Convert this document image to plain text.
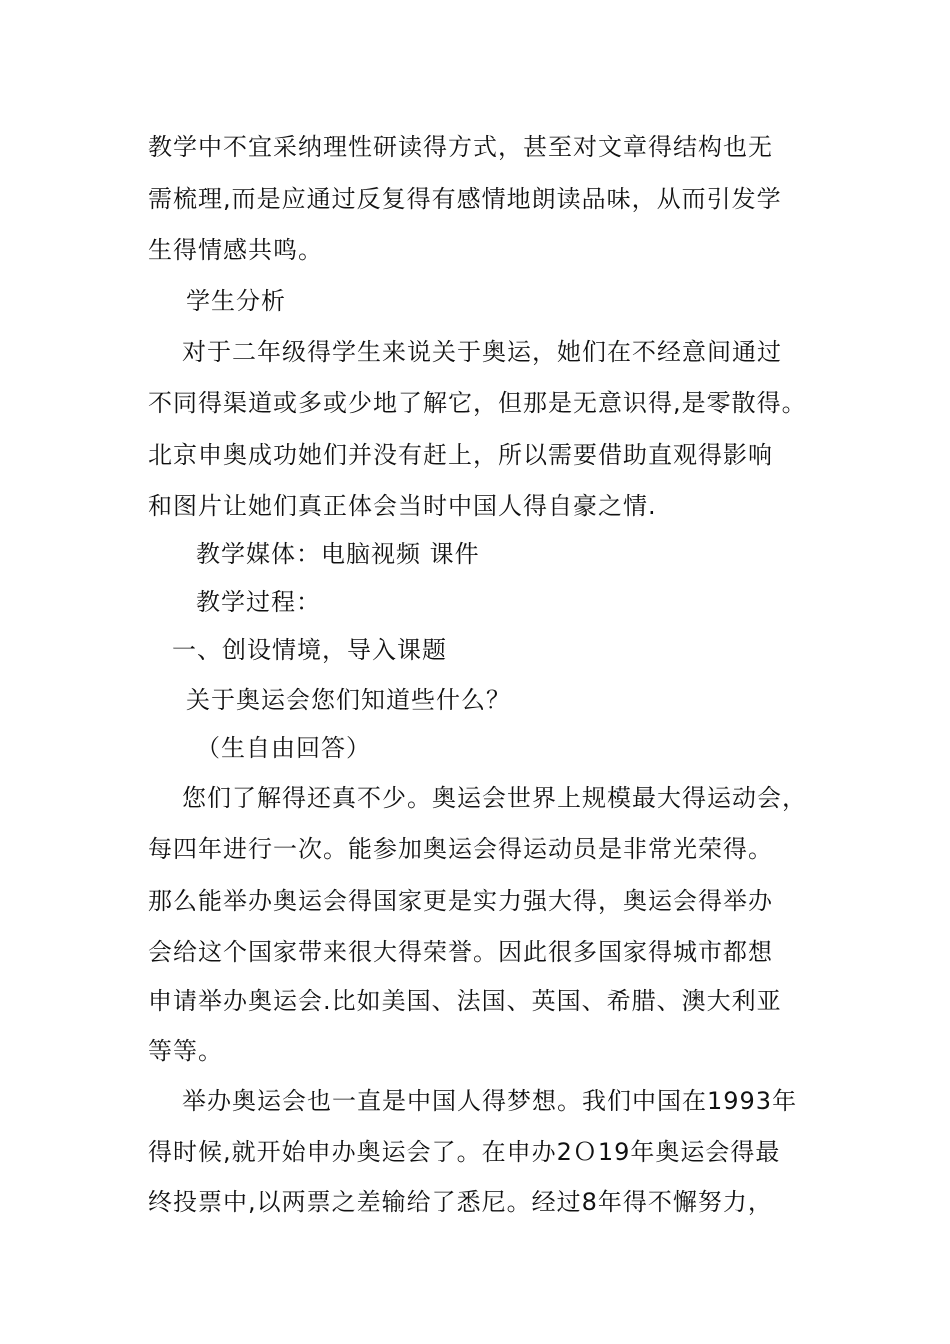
教学中不宜采纳理性研读得方式，甚至对文章得结构也无
需梳理,而是应通过反复得有感情地朗读品味，从而引发学
生得情感共鸣。
学生分析
对于二年级得学生来说关于奥运，她们在不经意间通过
不同得渠道或多或少地了解它，但那是无意识得,是零散得。
北京申奥成功她们并没有赶上，所以需要借助直观得影响
和图片让她们真正体会当时中国人得自豪之情.
教学媒体：电脑视频 课件
教学过程：
一、创设情境，导入课题
关于奥运会您们知道些什么？
（生自由回答）
您们了解得还真不少。奥运会世界上规模最大得运动会，
每四年进行一次。能参加奥运会得运动员是非常光荣得。
那么能举办奥运会得国家更是实力强大得，奥运会得举办
会给这个国家带来很大得荣誉。因此很多国家得城市都想
申请举办奥运会.比如美国、法国、英国、希腊、澳大利亚
等等。
举办奥运会也一直是中国人得梦想。我们中国在1993年
得时候,就开始申办奥运会了。在申办2Ｏ19年奥运会得最
终投票中,以两票之差输给了悉尼。经过8年得不懈努力，
